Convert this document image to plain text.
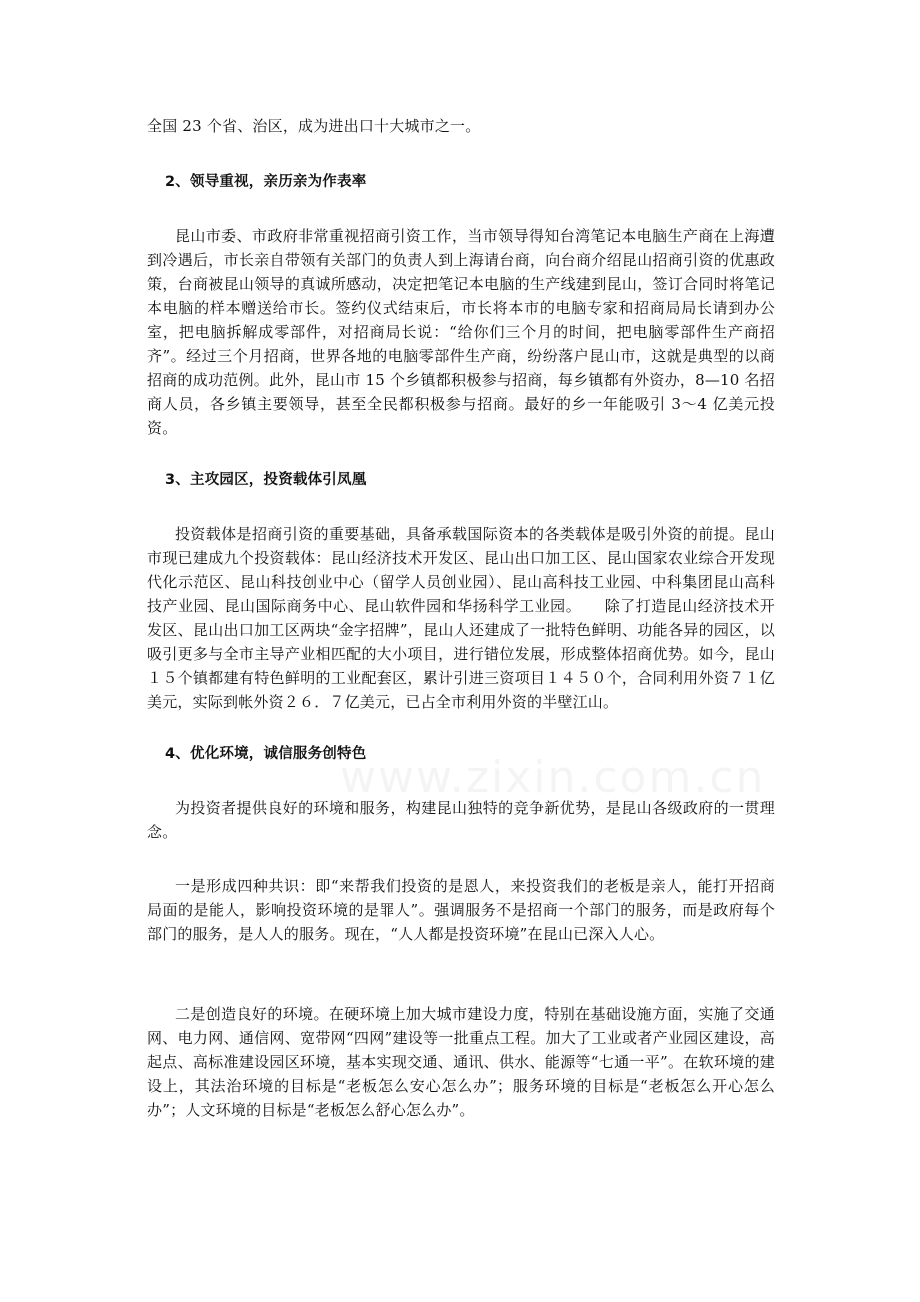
全国 23 个省、治区，成为进出口十大城市之一。

2、领导重视，亲历亲为作表率

昆山市委、市政府非常重视招商引资工作，当市领导得知台湾笔记本电脑生产商在上海遭到冷遇后，市长亲自带领有关部门的负责人到上海请台商，向台商介绍昆山招商引资的优惠政策，台商被昆山领导的真诚所感动，决定把笔记本电脑的生产线建到昆山，签订合同时将笔记本电脑的样本赠送给市长。签约仪式结束后，市长将本市的电脑专家和招商局局长请到办公室，把电脑拆解成零部件，对招商局长说：“给你们三个月的时间，把电脑零部件生产商招齐”。经过三个月招商，世界各地的电脑零部件生产商，纷纷落户昆山市，这就是典型的以商招商的成功范例。此外，昆山市 15 个乡镇都积极参与招商，每乡镇都有外资办，8—10 名招商人员，各乡镇主要领导，甚至全民都积极参与招商。最好的乡一年能吸引 3～4 亿美元投资。

3、主攻园区，投资载体引凤凰

投资载体是招商引资的重要基础，具备承载国际资本的各类载体是吸引外资的前提。昆山市现已建成九个投资载体：昆山经济技术开发区、昆山出口加工区、昆山国家农业综合开发现代化示范区、昆山科技创业中心（留学人员创业园）、昆山高科技工业园、中科集团昆山高科技产业园、昆山国际商务中心、昆山软件园和华扬科学工业园。　　除了打造昆山经济技术开发区、昆山出口加工区两块“金字招牌”，昆山人还建成了一批特色鲜明、功能各异的园区，以吸引更多与全市主导产业相匹配的大小项目，进行错位发展，形成整体招商优势。如今，昆山１５个镇都建有特色鲜明的工业配套区，累计引进三资项目１４５０个，合同利用外资７１亿美元，实际到帐外资２６．７亿美元，已占全市利用外资的半壁江山。

4、优化环境，诚信服务创特色

为投资者提供良好的环境和服务，构建昆山独特的竞争新优势，是昆山各级政府的一贯理念。

一是形成四种共识：即“来帮我们投资的是恩人，来投资我们的老板是亲人，能打开招商局面的是能人，影响投资环境的是罪人”。强调服务不是招商一个部门的服务，而是政府每个部门的服务，是人人的服务。现在，“人人都是投资环境”在昆山已深入人心。

二是创造良好的环境。在硬环境上加大城市建设力度，特别在基础设施方面，实施了交通网、电力网、通信网、宽带网“四网”建设等一批重点工程。加大了工业或者产业园区建设，高起点、高标准建设园区环境，基本实现交通、通讯、供水、能源等“七通一平”。在软环境的建设上，其法治环境的目标是“老板怎么安心怎么办”；服务环境的目标是“老板怎么开心怎么办”；人文环境的目标是“老板怎么舒心怎么办”。
